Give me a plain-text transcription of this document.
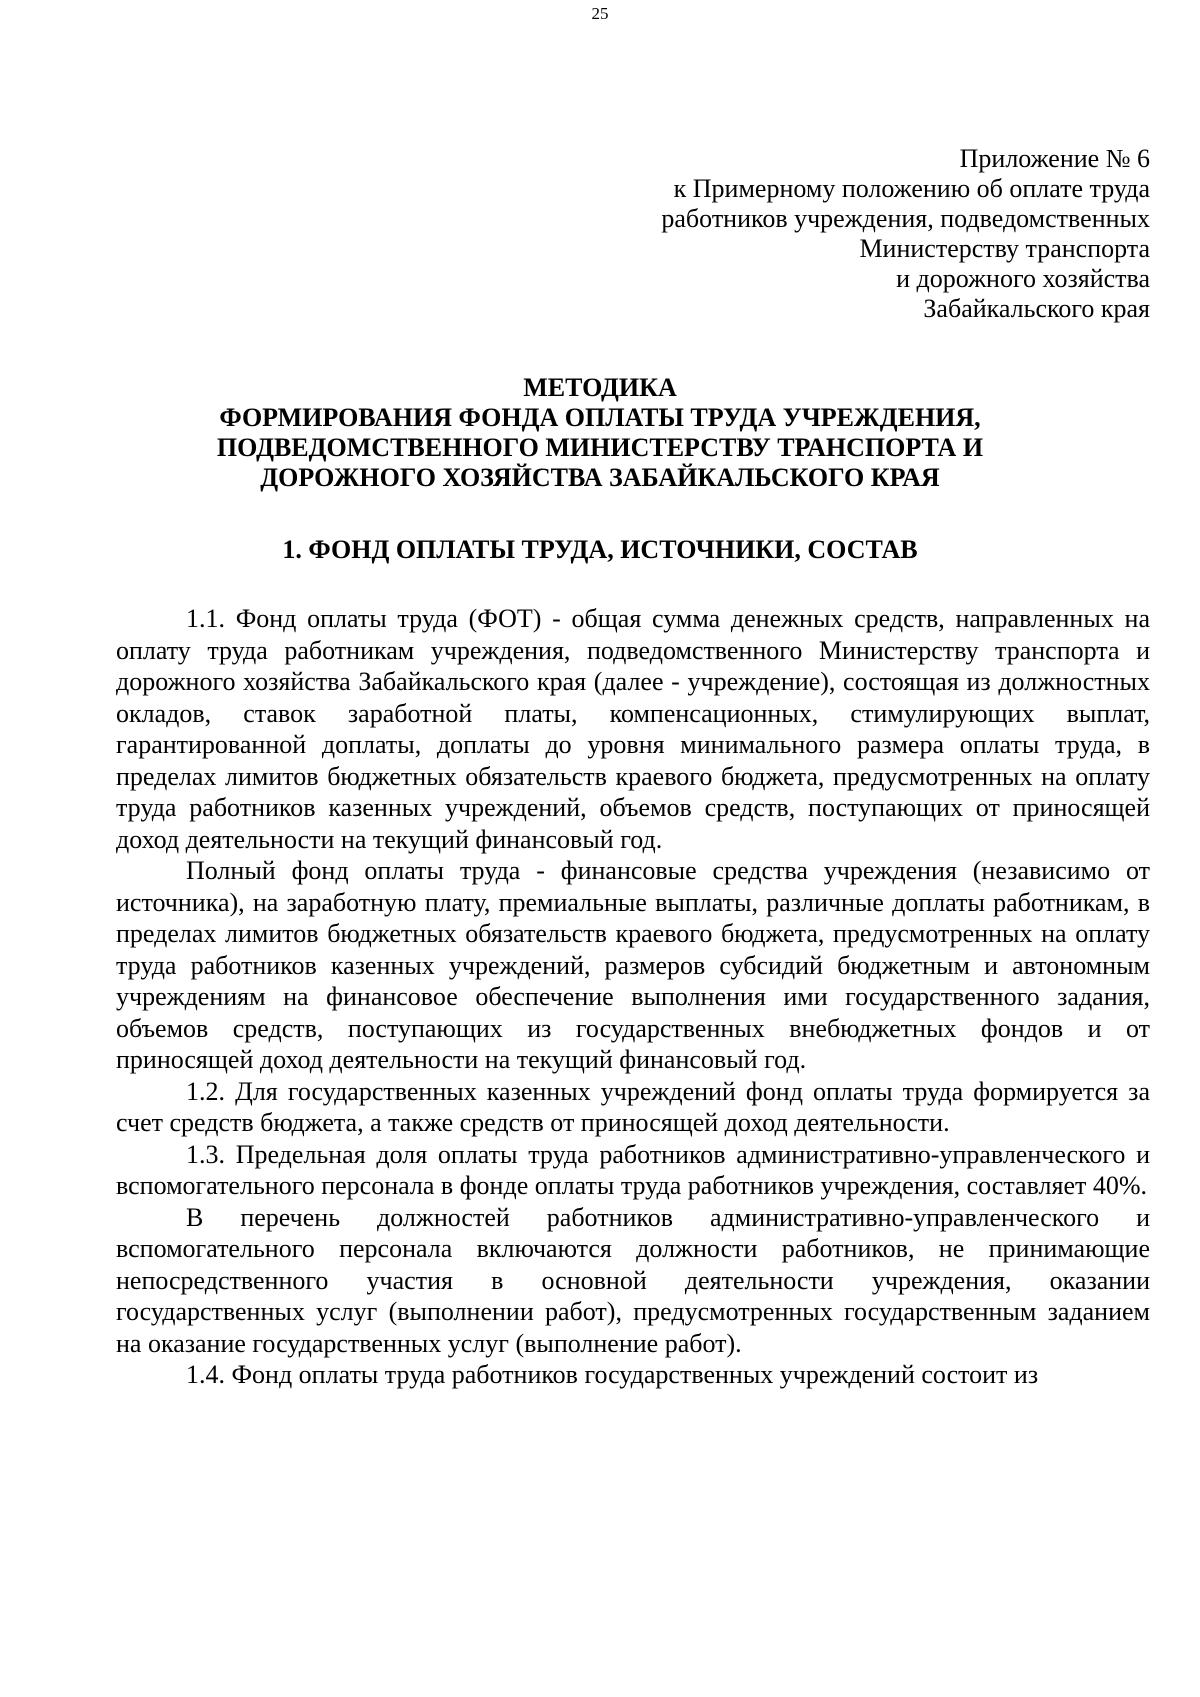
25
Приложение № 6
к Примерному положению об оплате труда
работников учреждения, подведомственных
Министерству транспорта
и дорожного хозяйства
Забайкальского края
МЕТОДИКА
ФОРМИРОВАНИЯ ФОНДА ОПЛАТЫ ТРУДА УЧРЕЖДЕНИЯ,
ПОДВЕДОМСТВЕННОГО МИНИСТЕРСТВУ ТРАНСПОРТА И
ДОРОЖНОГО ХОЗЯЙСТВА ЗАБАЙКАЛЬСКОГО КРАЯ
1. ФОНД ОПЛАТЫ ТРУДА, ИСТОЧНИКИ, СОСТАВ

1.1. Фонд оплаты труда (ФОТ) - общая сумма денежных средств, направленных на оплату труда работникам учреждения, подведомственного Министерству транспорта и дорожного хозяйства Забайкальского края (далее - учреждение), состоящая из должностных окладов, ставок заработной платы, компенсационных, стимулирующих выплат, гарантированной доплаты, доплаты до уровня минимального размера оплаты труда, в пределах лимитов бюджетных обязательств краевого бюджета, предусмотренных на оплату труда работников казенных учреждений, объемов средств, поступающих от приносящей доход деятельности на текущий финансовый год.

Полный фонд оплаты труда - финансовые средства учреждения (независимо от источника), на заработную плату, премиальные выплаты, различные доплаты работникам, в пределах лимитов бюджетных обязательств краевого бюджета, предусмотренных на оплату труда работников казенных учреждений, размеров субсидий бюджетным и автономным учреждениям на финансовое обеспечение выполнения ими государственного задания, объемов средств, поступающих из государственных внебюджетных фондов и от приносящей доход деятельности на текущий финансовый год.

1.2. Для государственных казенных учреждений фонд оплаты труда формируется за счет средств бюджета, а также средств от приносящей доход деятельности.

1.3. Предельная доля оплаты труда работников административно-управленческого и вспомогательного персонала в фонде оплаты труда работников учреждения, составляет 40%.

В перечень должностей работников административно-управленческого и вспомогательного персонала включаются должности работников, не принимающие непосредственного участия в основной деятельности учреждения, оказании государственных услуг (выполнении работ), предусмотренных государственным заданием на оказание государственных услуг (выполнение работ).

1.4. Фонд оплаты труда работников государственных учреждений состоит из
